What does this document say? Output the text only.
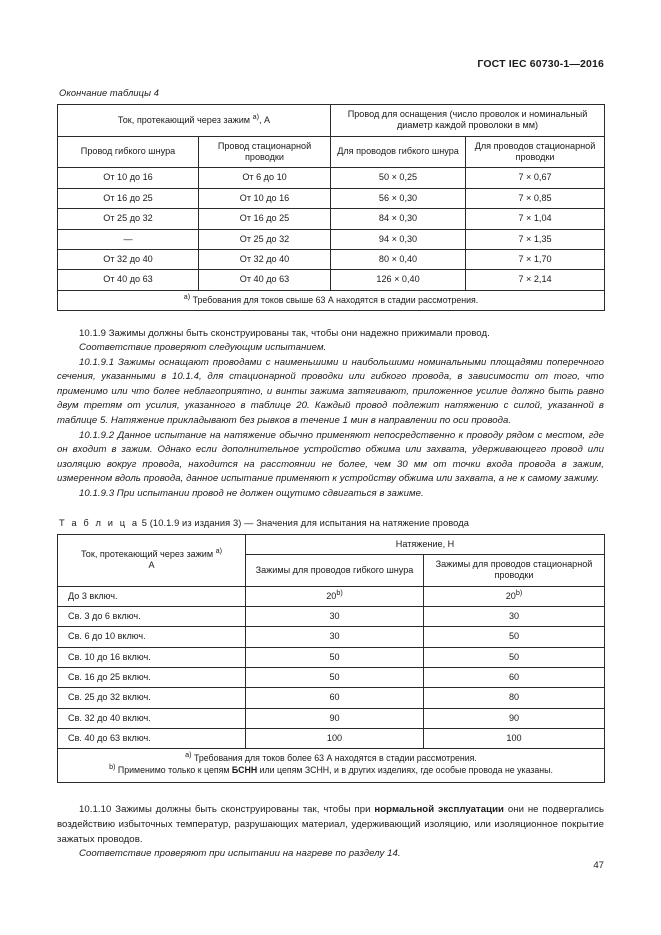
ГОСТ IEC 60730-1—2016
Окончание таблицы 4
Ток, протекающий через зажим $^{а)}$, А		Провод для оснащения (число проволок и номинальный диаметр каждой проволоки в мм)	
Провод гибкого шнура	Провод стационарной проводки	Для проводов гибкого шнура	Для проводов стационарной проводки
От 10 до 16	От 6 до 10	50 × 0,25	7 × 0,67
От 16 до 25	От 10 до 16	56 × 0,30	7 × 0,85
От 25 до 32	От 16 до 25	84 × 0,30	7 × 1,04
—	От 25 до 32	94 × 0,30	7 × 1,35
От 32 до 40	От 32 до 40	80 × 0,40	7 × 1,70
От 40 до 63	От 40 до 63	126 × 0,40	7 × 2,14
$^{а)}$ Требования для токов свыше 63 А находятся в стадии рассмотрения.			

10.1.9 Зажимы должны быть сконструированы так, чтобы они надежно прижимали провод.

Соответствие проверяют следующим испытанием.

10.1.9.1 Зажимы оснащают проводами с наименьшими и наибольшими номинальными площадями поперечного сечения, указанными в 10.1.4, для стационарной проводки или гибкого провода, в зависимости от того, что применимо или что более неблагоприятно, и винты зажима затягивают, приложенное усилие должно быть равно двум третям от усилия, указанного в таблице 20. Каждый провод подлежит натяжению с силой, указанной в таблице 5. Натяжение прикладывают без рывков в течение 1 мин в направлении по оси провода.

10.1.9.2 Данное испытание на натяжение обычно применяют непосредственно к проводу рядом с местом, где он входит в зажим. Однако если дополнительное устройство обжима или захвата, удерживающего провод или изоляцию вокруг провода, находится на расстоянии не более, чем 30 мм от точки входа провода в зажим, измеренном вдоль провода, данное испытание применяют к устройству обжима или захвата, а не к самому зажиму.

10.1.9.3 При испытании провод не должен ощутимо сдвигаться в зажиме.

Т а б л и ц а 5 (10.1.9 из издания 3) — Значения для испытания на натяжение провода
Ток, протекающий через зажим $^{а)}$
А	Натяжение, Н	
	Зажимы для проводов гибкого шнура	Зажимы для проводов стационарной проводки
До 3 включ.	20$^{b)}$	20$^{b)}$
Св. 3 до 6 включ.	30	30
Св. 6 до 10 включ.	30	50
Св. 10 до 16 включ.	50	50
Св. 16 до 25 включ.	50	60
Св. 25 до 32 включ.	60	80
Св. 32 до 40 включ.	90	90
Св. 40 до 63 включ.	100	100
$^{а)}$ Требования для токов более 63 А находятся в стадии рассмотрения.		
$^{b)}$ Применимо только к цепям БСНН или цепям ЗСНН, и в других изделиях, где особые провода не указаны.		

10.1.10 Зажимы должны быть сконструированы так, чтобы при нормальной эксплуатации они не подвергались воздействию избыточных температур, разрушающих материал, удерживающий изоляцию, или изоляционное покрытие зажатых проводов.

Соответствие проверяют при испытании на нагреве по разделу 14.

47
